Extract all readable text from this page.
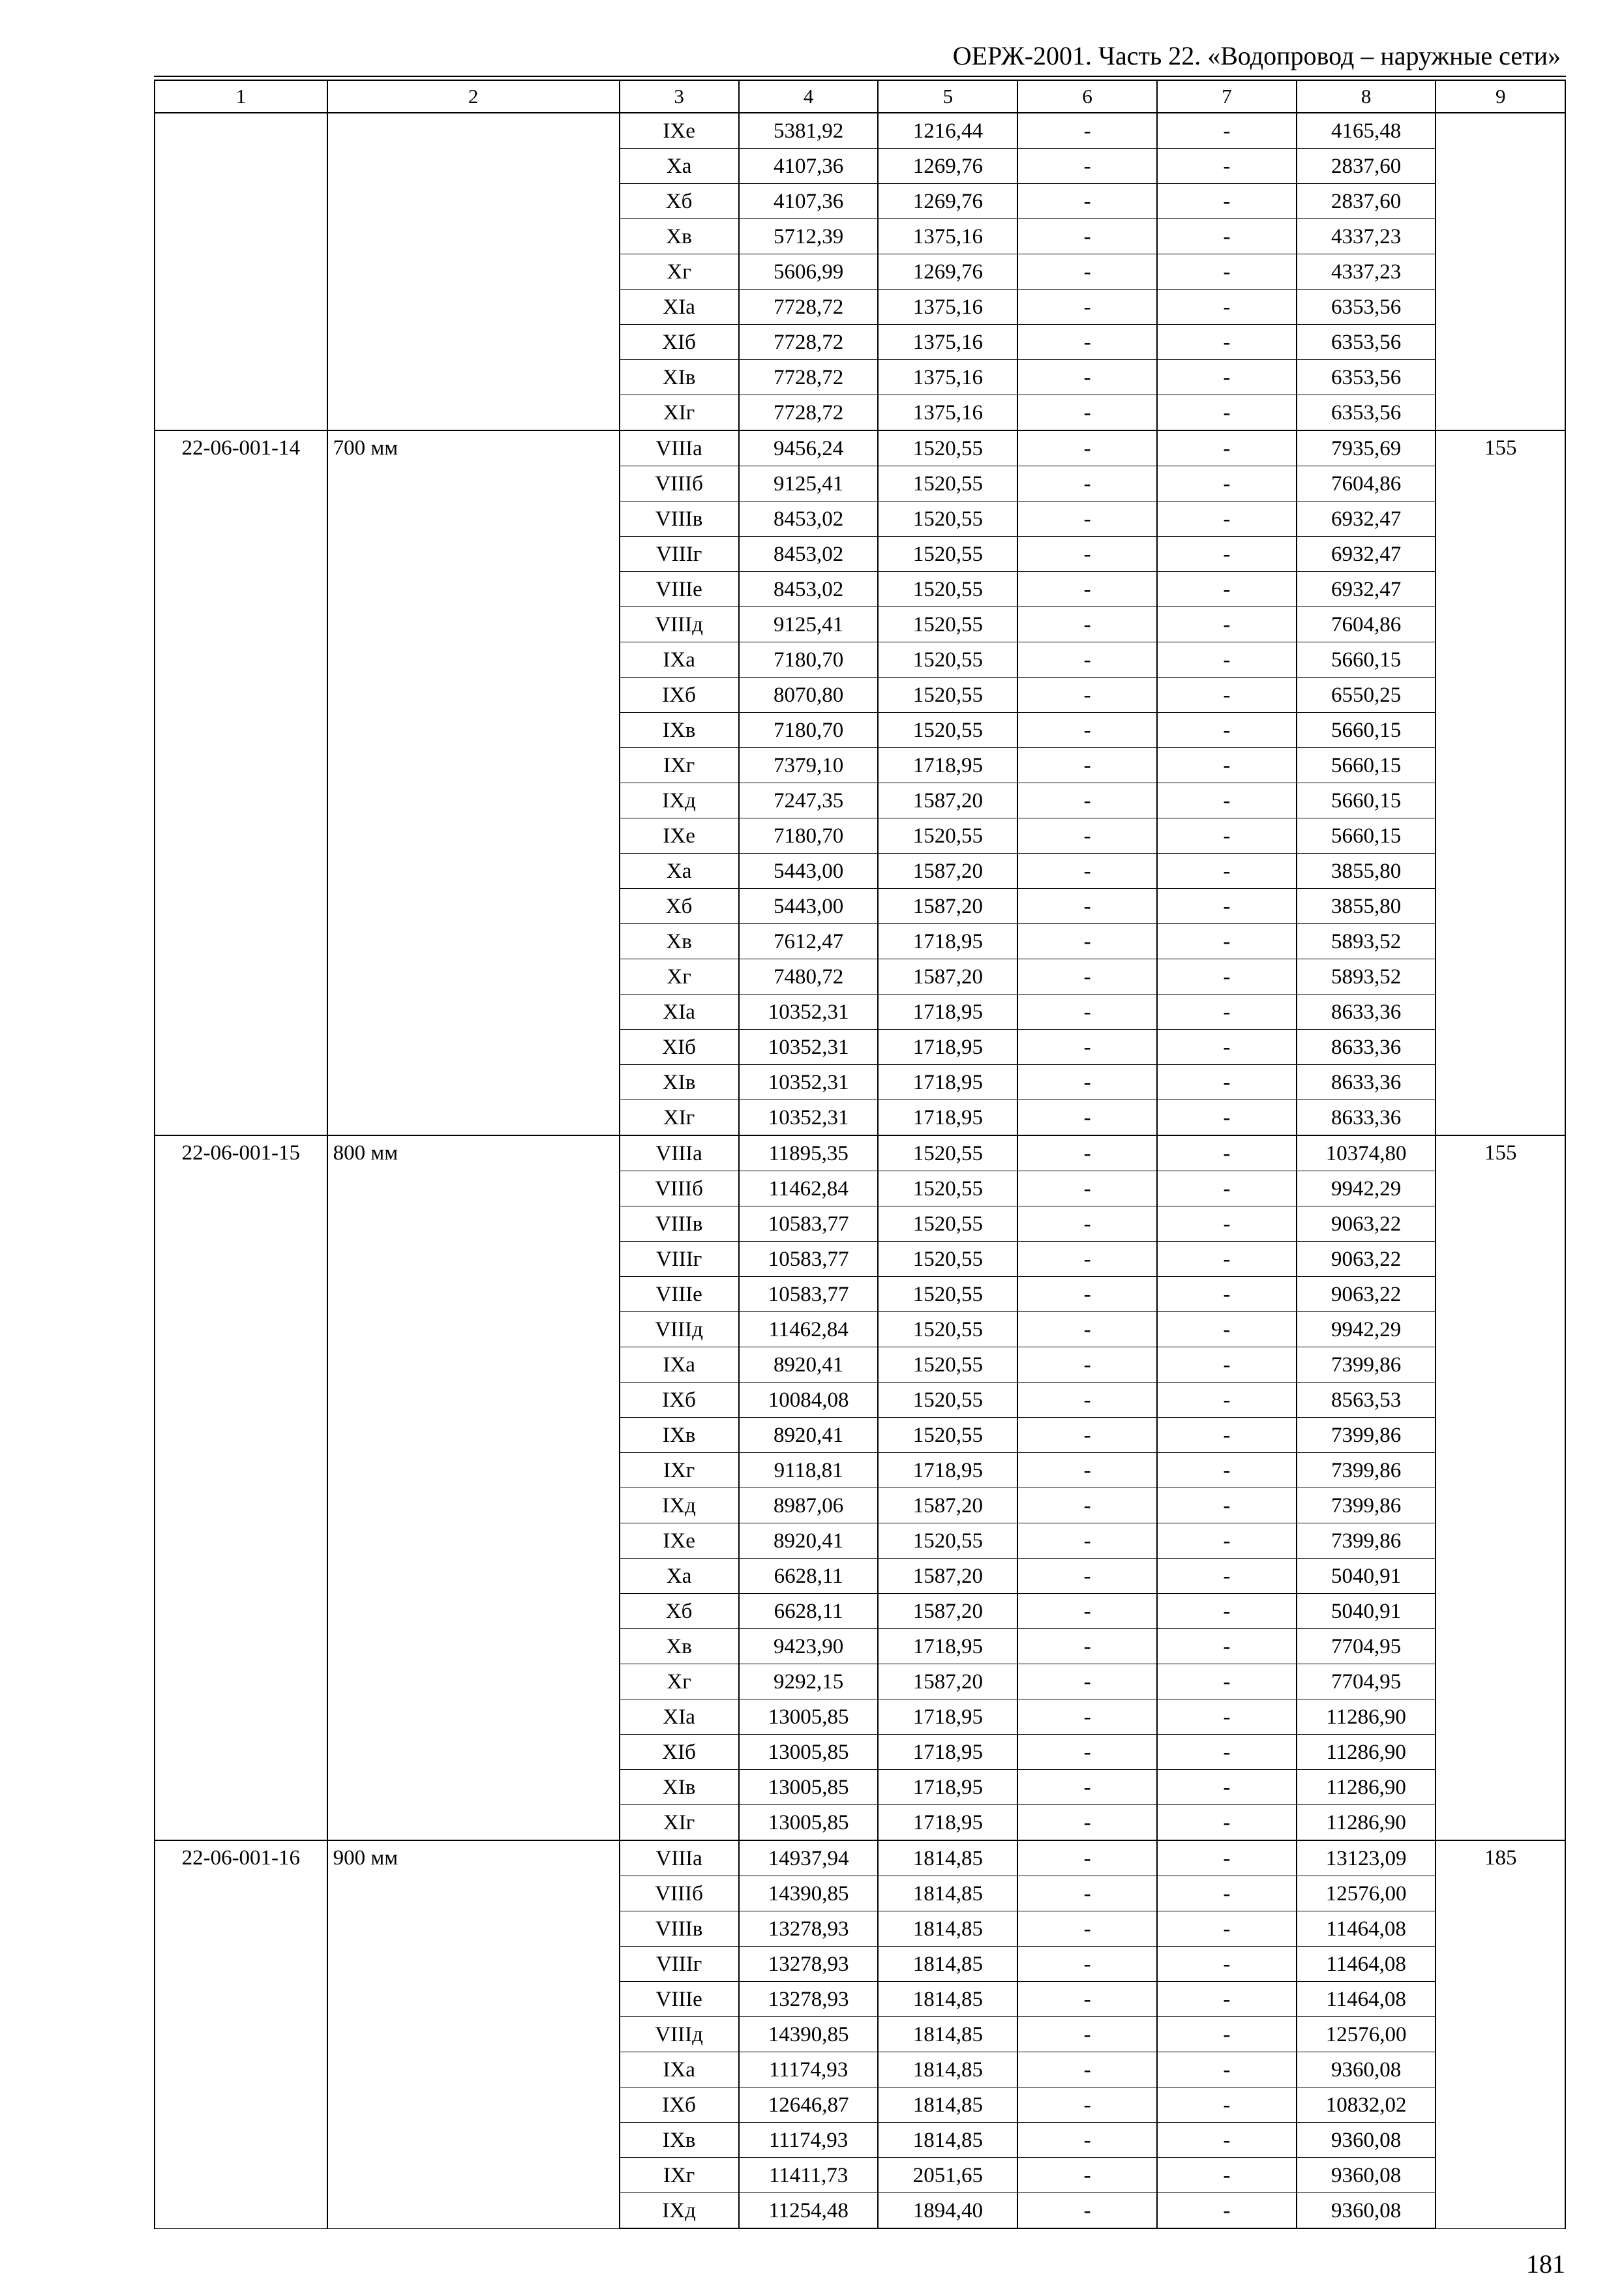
ОЕРЖ-2001. Часть 22. «Водопровод – наружные сети»
1	2	3	4	5	6	7	8	9
		IXe	5381,92	1216,44	-	-	4165,48	
		Xa	4107,36	1269,76	-	-	2837,60	
		Xб	4107,36	1269,76	-	-	2837,60	
		Xв	5712,39	1375,16	-	-	4337,23	
		Xг	5606,99	1269,76	-	-	4337,23	
		XIa	7728,72	1375,16	-	-	6353,56	
		XIб	7728,72	1375,16	-	-	6353,56	
		XIв	7728,72	1375,16	-	-	6353,56	
		XIг	7728,72	1375,16	-	-	6353,56	
22-06-001-14	700 мм	VIIIa	9456,24	1520,55	-	-	7935,69	155
		VIIIб	9125,41	1520,55	-	-	7604,86	
		VIIIв	8453,02	1520,55	-	-	6932,47	
		VIIIг	8453,02	1520,55	-	-	6932,47	
		VIIIe	8453,02	1520,55	-	-	6932,47	
		VIIIд	9125,41	1520,55	-	-	7604,86	
		IXa	7180,70	1520,55	-	-	5660,15	
		IXб	8070,80	1520,55	-	-	6550,25	
		IXв	7180,70	1520,55	-	-	5660,15	
		IXг	7379,10	1718,95	-	-	5660,15	
		IXд	7247,35	1587,20	-	-	5660,15	
		IXe	7180,70	1520,55	-	-	5660,15	
		Xa	5443,00	1587,20	-	-	3855,80	
		Xб	5443,00	1587,20	-	-	3855,80	
		Xв	7612,47	1718,95	-	-	5893,52	
		Xг	7480,72	1587,20	-	-	5893,52	
		XIa	10352,31	1718,95	-	-	8633,36	
		XIб	10352,31	1718,95	-	-	8633,36	
		XIв	10352,31	1718,95	-	-	8633,36	
		XIг	10352,31	1718,95	-	-	8633,36	
22-06-001-15	800 мм	VIIIa	11895,35	1520,55	-	-	10374,80	155
		VIIIб	11462,84	1520,55	-	-	9942,29	
		VIIIв	10583,77	1520,55	-	-	9063,22	
		VIIIг	10583,77	1520,55	-	-	9063,22	
		VIIIe	10583,77	1520,55	-	-	9063,22	
		VIIIд	11462,84	1520,55	-	-	9942,29	
		IXa	8920,41	1520,55	-	-	7399,86	
		IXб	10084,08	1520,55	-	-	8563,53	
		IXв	8920,41	1520,55	-	-	7399,86	
		IXг	9118,81	1718,95	-	-	7399,86	
		IXд	8987,06	1587,20	-	-	7399,86	
		IXe	8920,41	1520,55	-	-	7399,86	
		Xa	6628,11	1587,20	-	-	5040,91	
		Xб	6628,11	1587,20	-	-	5040,91	
		Xв	9423,90	1718,95	-	-	7704,95	
		Xг	9292,15	1587,20	-	-	7704,95	
		XIa	13005,85	1718,95	-	-	11286,90	
		XIб	13005,85	1718,95	-	-	11286,90	
		XIв	13005,85	1718,95	-	-	11286,90	
		XIг	13005,85	1718,95	-	-	11286,90	
22-06-001-16	900 мм	VIIIa	14937,94	1814,85	-	-	13123,09	185
		VIIIб	14390,85	1814,85	-	-	12576,00	
		VIIIв	13278,93	1814,85	-	-	11464,08	
		VIIIг	13278,93	1814,85	-	-	11464,08	
		VIIIe	13278,93	1814,85	-	-	11464,08	
		VIIIд	14390,85	1814,85	-	-	12576,00	
		IXa	11174,93	1814,85	-	-	9360,08	
		IXб	12646,87	1814,85	-	-	10832,02	
		IXв	11174,93	1814,85	-	-	9360,08	
		IXг	11411,73	2051,65	-	-	9360,08	
		IXд	11254,48	1894,40	-	-	9360,08	
181
